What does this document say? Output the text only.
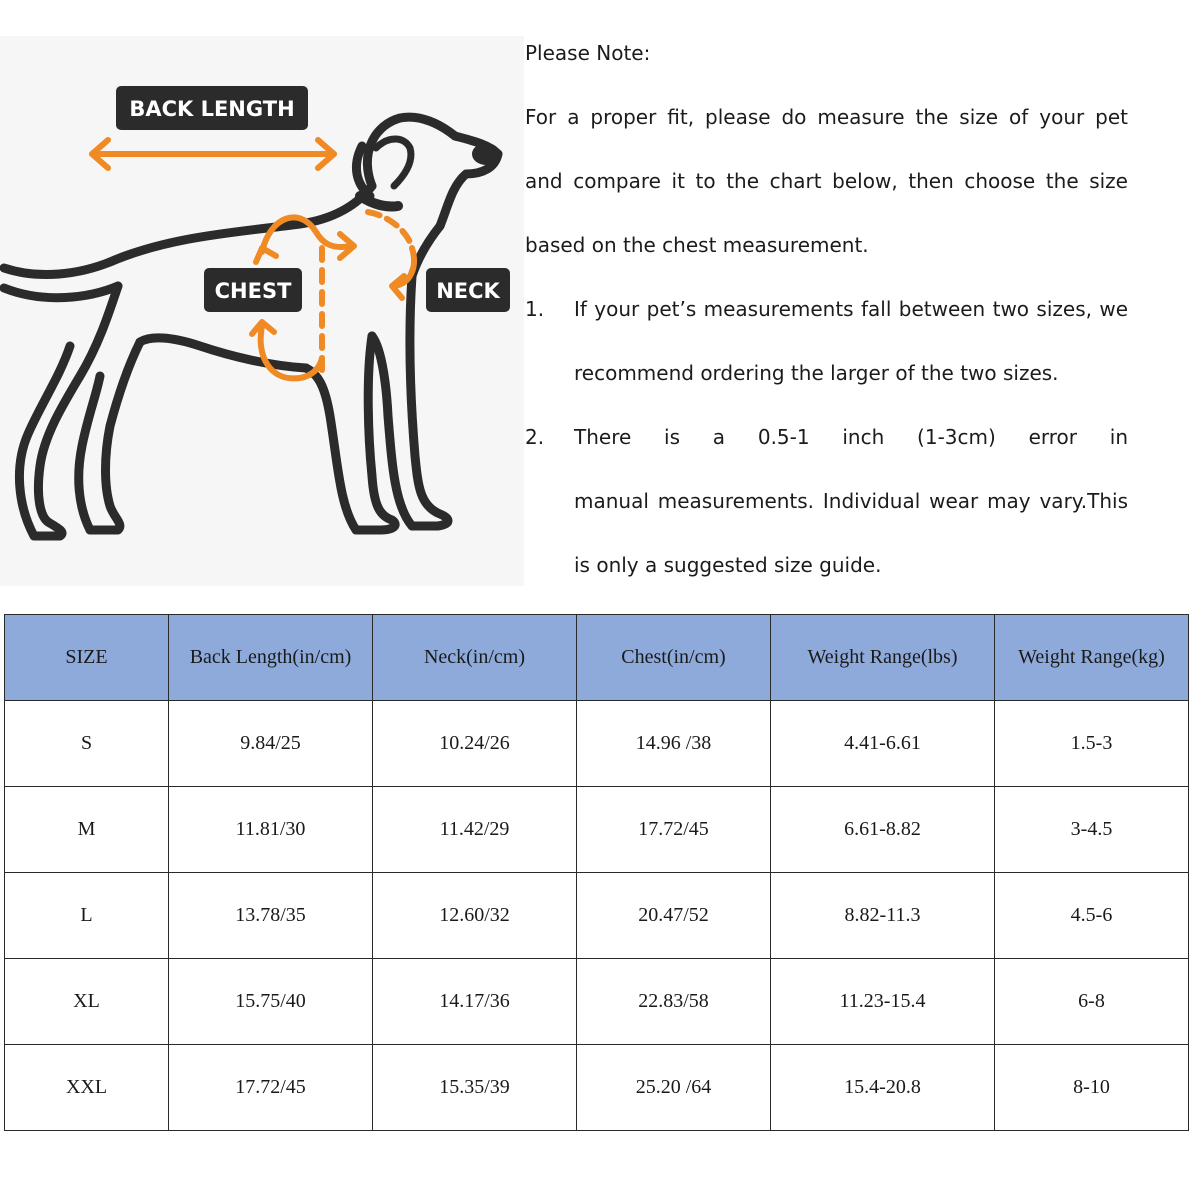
BACK LENGTH
CHEST	NECK
Please Note:
For a proper fit, please do measure the size of your pet
and compare it to the chart below, then choose the size
based on the chest measurement.
1.	If your pet’s measurements fall between two sizes, we
recommend ordering the larger of the two sizes.
2.	There is a 0.5-1 inch (1-3cm) error in
manual measurements. Individual wear may vary.This
is only a suggested size guide.
SIZE	Back Length(in/cm)	Neck(in/cm)	Chest(in/cm)	Weight Range(lbs)	Weight Range(kg)
S	9.84/25	10.24/26	14.96 /38	4.41-6.61	1.5-3
M	11.81/30	11.42/29	17.72/45	6.61-8.82	3-4.5
L	13.78/35	12.60/32	20.47/52	8.82-11.3	4.5-6
XL	15.75/40	14.17/36	22.83/58	11.23-15.4	6-8
XXL	17.72/45	15.35/39	25.20 /64	15.4-20.8	8-10
